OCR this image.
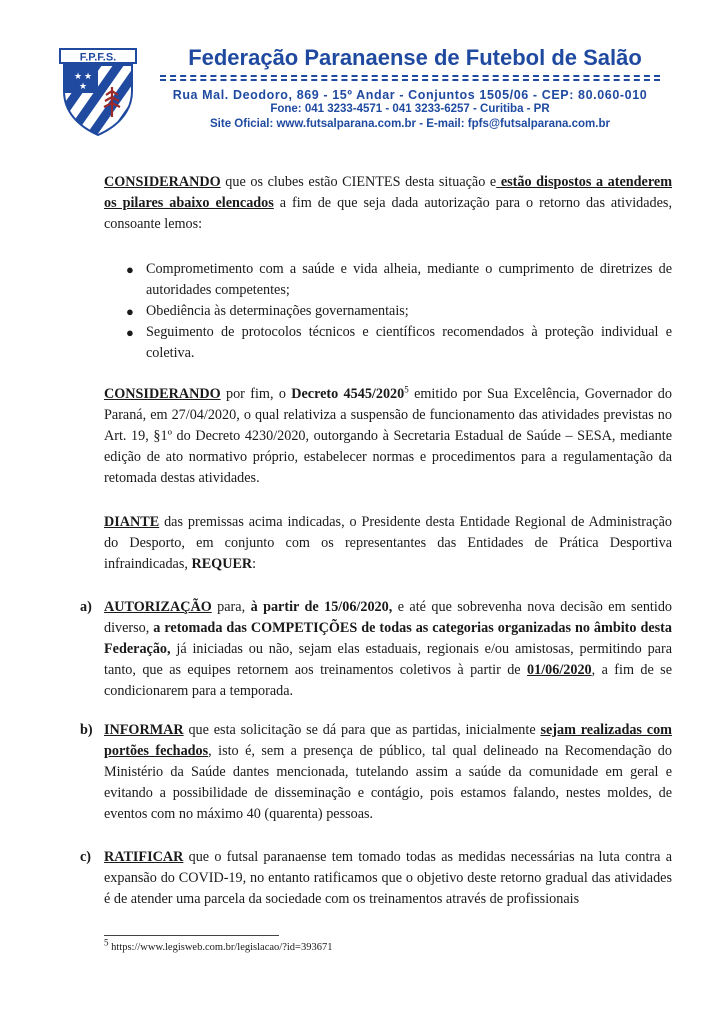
F.P.F.S.
★ ★
★
Federação Paranaense de Futebol de Salão
Rua Mal. Deodoro, 869 - 15º Andar - Conjuntos 1505/06 - CEP: 80.060-010
Fone: 041 3233-4571 - 041 3233-6257 - Curitiba - PR
Site Oficial: www.futsalparana.com.br - E-mail: fpfs@futsalparana.com.br
CONSIDERANDO que os clubes estão CIENTES desta situação e estão dispostos a atenderem os pilares abaixo elencados a fim de que seja dada autorização para o retorno das atividades, consoante lemos:
● Comprometimento com a saúde e vida alheia, mediante o cumprimento de diretrizes de autoridades competentes;
● Obediência às determinações governamentais;
● Seguimento de protocolos técnicos e científicos recomendados à proteção individual e coletiva.
CONSIDERANDO por fim, o Decreto 4545/2020$^5$ emitido por Sua Excelência, Governador do Paraná, em 27/04/2020, o qual relativiza a suspensão de funcionamento das atividades previstas no Art. 19, §1º do Decreto 4230/2020, outorgando à Secretaria Estadual de Saúde – SESA, mediante edição de ato normativo próprio, estabelecer normas e procedimentos para a regulamentação da retomada destas atividades.
DIANTE das premissas acima indicadas, o Presidente desta Entidade Regional de Administração do Desporto, em conjunto com os representantes das Entidades de Prática Desportiva infraindicadas, REQUER:
a) AUTORIZAÇÃO para, à partir de 15/06/2020, e até que sobrevenha nova decisão em sentido diverso, a retomada das COMPETIÇÕES de todas as categorias organizadas no âmbito desta Federação, já iniciadas ou não, sejam elas estaduais, regionais e/ou amistosas, permitindo para tanto, que as equipes retornem aos treinamentos coletivos à partir de 01/06/2020, a fim de se condicionarem para a temporada.
b) INFORMAR que esta solicitação se dá para que as partidas, inicialmente sejam realizadas com portões fechados, isto é, sem a presença de público, tal qual delineado na Recomendação do Ministério da Saúde dantes mencionada, tutelando assim a saúde da comunidade em geral e evitando a possibilidade de disseminação e contágio, pois estamos falando, nestes moldes, de eventos com no máximo 40 (quarenta) pessoas.
c) RATIFICAR que o futsal paranaense tem tomado todas as medidas necessárias na luta contra a expansão do COVID-19, no entanto ratificamos que o objetivo deste retorno gradual das atividades é de atender uma parcela da sociedade com os treinamentos através de profissionais
$^5$ https://www.legisweb.com.br/legislacao/?id=393671
